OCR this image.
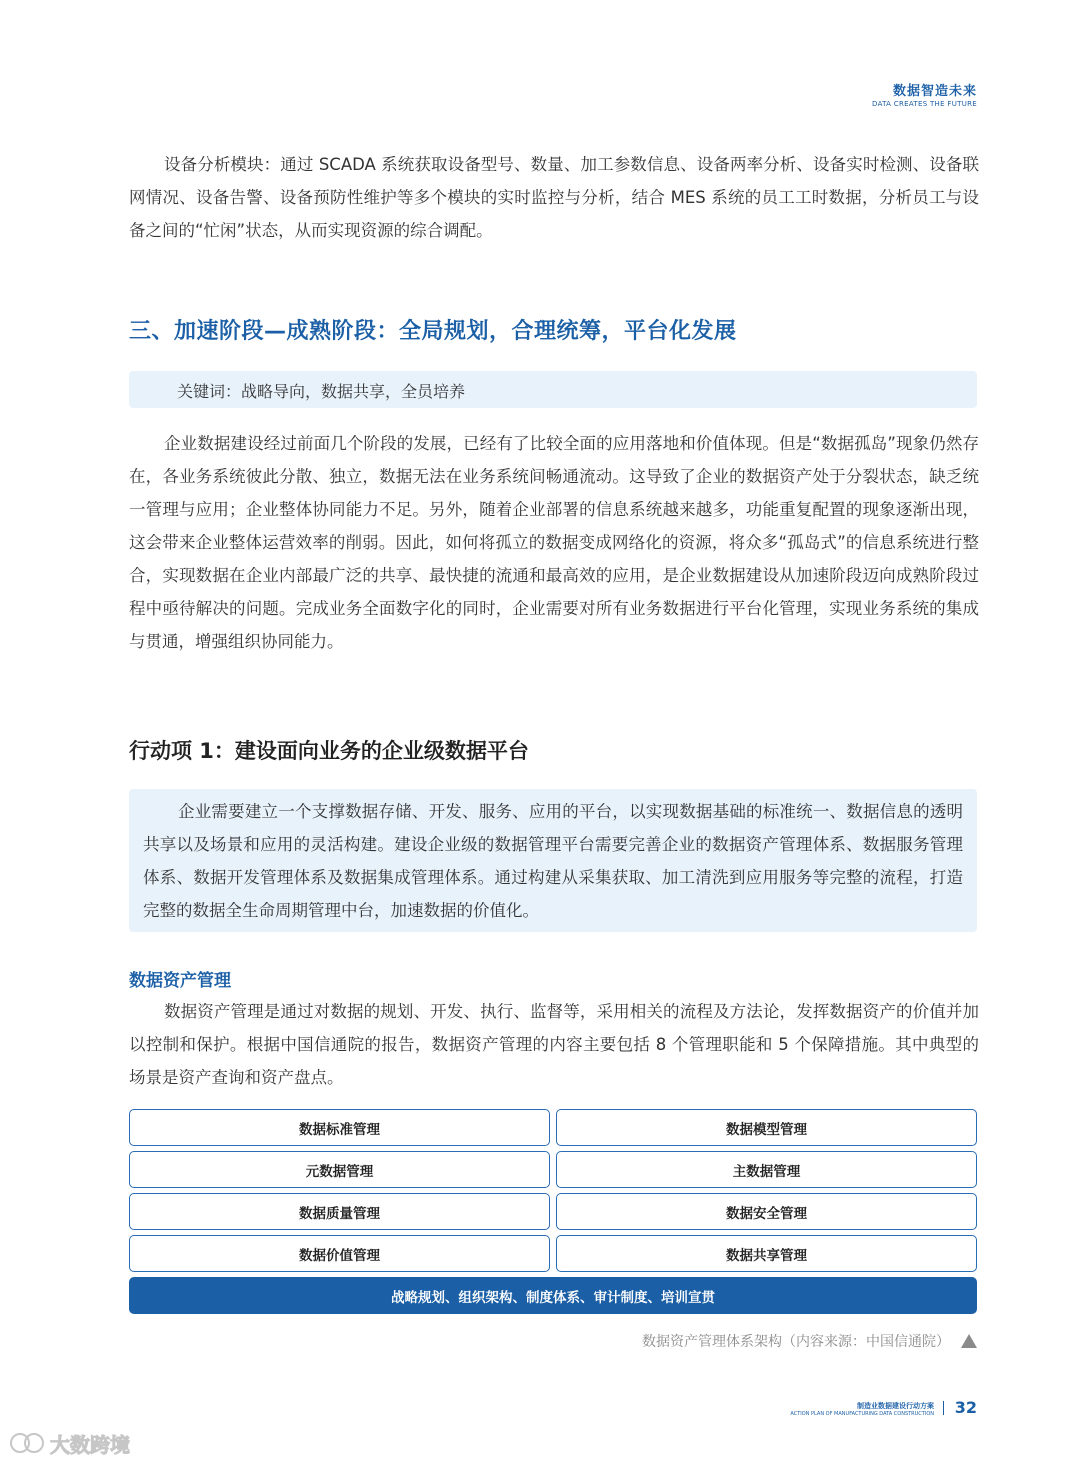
数据智造未来
DATA CREATES THE FUTURE

设备分析模块：通过 SCADA 系统获取设备型号、数量、加工参数信息、设备两率分析、设备实时检测、设备联网情况、设备告警、设备预防性维护等多个模块的实时监控与分析，结合 MES 系统的员工工时数据，分析员工与设备之间的“忙闲”状态，从而实现资源的综合调配。

三、加速阶段—成熟阶段：全局规划，合理统筹，平台化发展
关键词：战略导向，数据共享，全员培养

企业数据建设经过前面几个阶段的发展，已经有了比较全面的应用落地和价值体现。但是“数据孤岛”现象仍然存在，各业务系统彼此分散、独立，数据无法在业务系统间畅通流动。这导致了企业的数据资产处于分裂状态，缺乏统一管理与应用；企业整体协同能力不足。另外，随着企业部署的信息系统越来越多，功能重复配置的现象逐渐出现，这会带来企业整体运营效率的削弱。因此，如何将孤立的数据变成网络化的资源，将众多“孤岛式”的信息系统进行整合，实现数据在企业内部最广泛的共享、最快捷的流通和最高效的应用，是企业数据建设从加速阶段迈向成熟阶段过程中亟待解决的问题。完成业务全面数字化的同时，企业需要对所有业务数据进行平台化管理，实现业务系统的集成与贯通，增强组织协同能力。

行动项 1：建设面向业务的企业级数据平台

企业需要建立一个支撑数据存储、开发、服务、应用的平台，以实现数据基础的标准统一、数据信息的透明共享以及场景和应用的灵活构建。建设企业级的数据管理平台需要完善企业的数据资产管理体系、数据服务管理体系、数据开发管理体系及数据集成管理体系。通过构建从采集获取、加工清洗到应用服务等完整的流程，打造完整的数据全生命周期管理中台，加速数据的价值化。

数据资产管理

数据资产管理是通过对数据的规划、开发、执行、监督等，采用相关的流程及方法论，发挥数据资产的价值并加以控制和保护。根据中国信通院的报告，数据资产管理的内容主要包括 8 个管理职能和 5 个保障措施。其中典型的场景是资产查询和资产盘点。

数据标准管理	数据模型管理
元数据管理	主数据管理
数据质量管理	数据安全管理
数据价值管理	数据共享管理
战略规划、组织架构、制度体系、审计制度、培训宣贯
数据资产管理体系架构（内容来源：中国信通院）
制造业数据建设行动方案
ACTION PLAN OF MANUFACTURING DATA CONSTRUCTION 32
大数跨境
